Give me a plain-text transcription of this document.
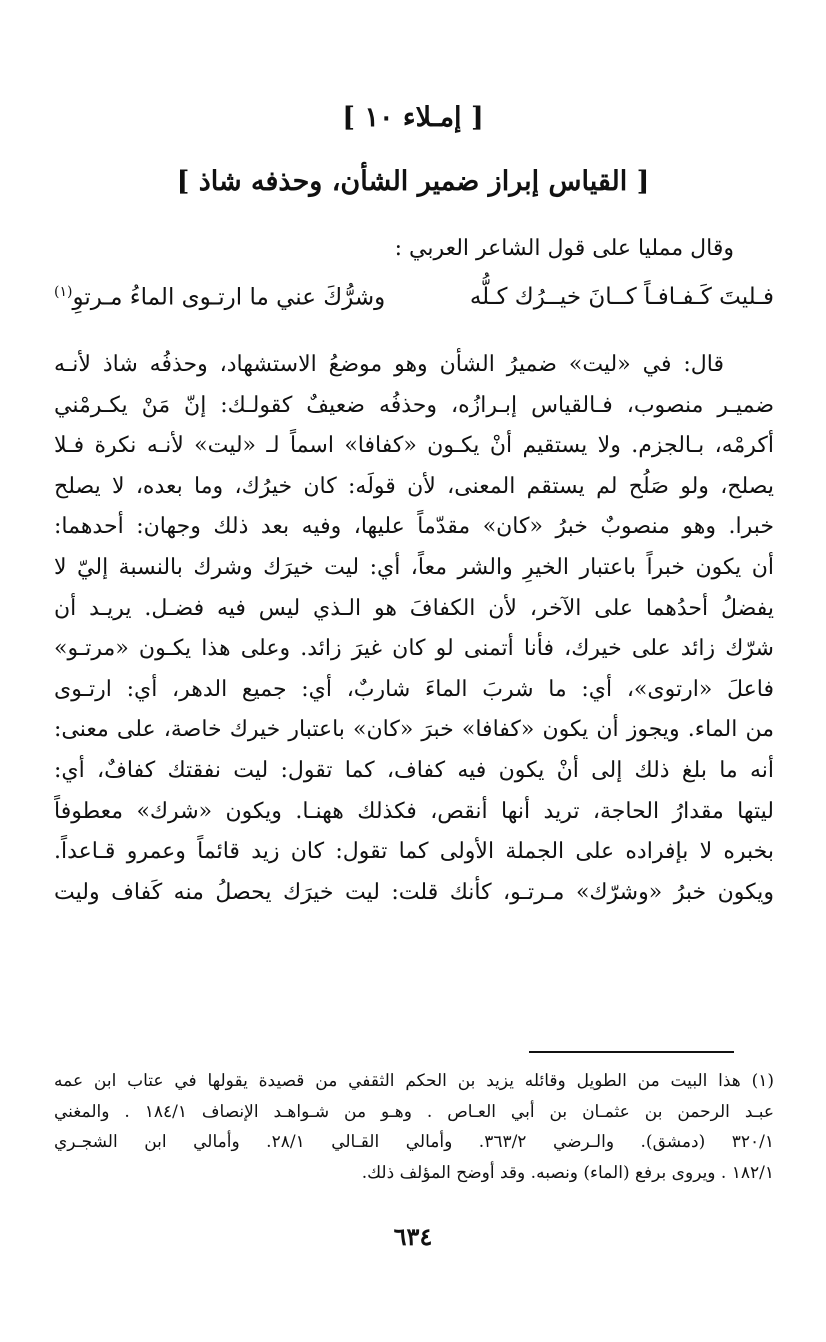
[ إمـلاء ١٠ ]
[ القياس إبراز ضمير الشأن، وحذفه شاذ ]

وقال ممليا على قول الشاعر العربي :

فـليتَ كَـفـافـاً كــانَ خيــرُك كـلُّه
وشرُّكَ عني ما ارتـوى الماءُ مـرتوِ$^{(١)}$
قال: في «ليت» ضميرُ الشأن وهو موضعُ الاستشهاد، وحذفُه شاذ لأنـه
ضميـر منصوب، فـالقياس إبـرازُه، وحذفُه ضعيفٌ كقولـك: إنّ مَنْ يكـرمْني
أكرمْه، بـالجزم. ولا يستقيم أنْ يكـون «كفافا» اسماً لـ «ليت» لأنـه نكرة فـلا
يصلح، ولو صَلُح لم يستقم المعنى، لأن قولَه: كان خيرُك، وما بعده، لا يصلح
خبرا. وهو منصوبٌ خبرُ «كان» مقدّماً عليها، وفيه بعد ذلك وجهان: أحدهما:
أن يكون خبراً باعتبار الخيرِ والشر معاً، أي: ليت خيرَك وشرك بالنسبة إليّ لا
يفضلُ أحدُهما على الآخر، لأن الكفافَ هو الـذي ليس فيه فضـل. يريـد أن
شرّك زائد على خيرك، فأنا أتمنى لو كان غيرَ زائد. وعلى هذا يكـون «مرتـو»
فاعلَ «ارتوى»، أي: ما شربَ الماءَ شاربٌ، أي: جميع الدهر، أي: ارتـوى
من الماء. ويجوز أن يكون «كفافا» خبرَ «كان» باعتبار خيرك خاصة، على معنى:
أنه ما بلغ ذلك إلى أنْ يكون فيه كفاف، كما تقول: ليت نفقتك كفافٌ، أي:
ليتها مقدارُ الحاجة، تريد أنها أنقص، فكذلك ههنـا. ويكون «شرك» معطوفاً
بخبره لا بإفراده على الجملة الأولى كما تقول: كان زيد قائماً وعمرو قـاعداً.
ويكون خبرُ «وشرّك» مـرتـو، كأنك قلت: ليت خيرَك يحصلُ منه كَفاف وليت
(١) هذا البيت من الطويل وقائله يزيد بن الحكم الثقفي من قصيدة يقولها في عتاب ابن عمه
عبـد الرحمن بن عثمـان بن أبي العـاص . وهـو من شـواهـد الإنصاف ١٨٤/١ . والمغني
٣٢٠/١ (دمشق). والـرضي ٣٦٣/٢. وأمالي القـالي ٢٨/١. وأمالي ابن الشجـري
١٨٢/١ . ويروى برفع (الماء) ونصبه. وقد أوضح المؤلف ذلك.
٦٣٤
